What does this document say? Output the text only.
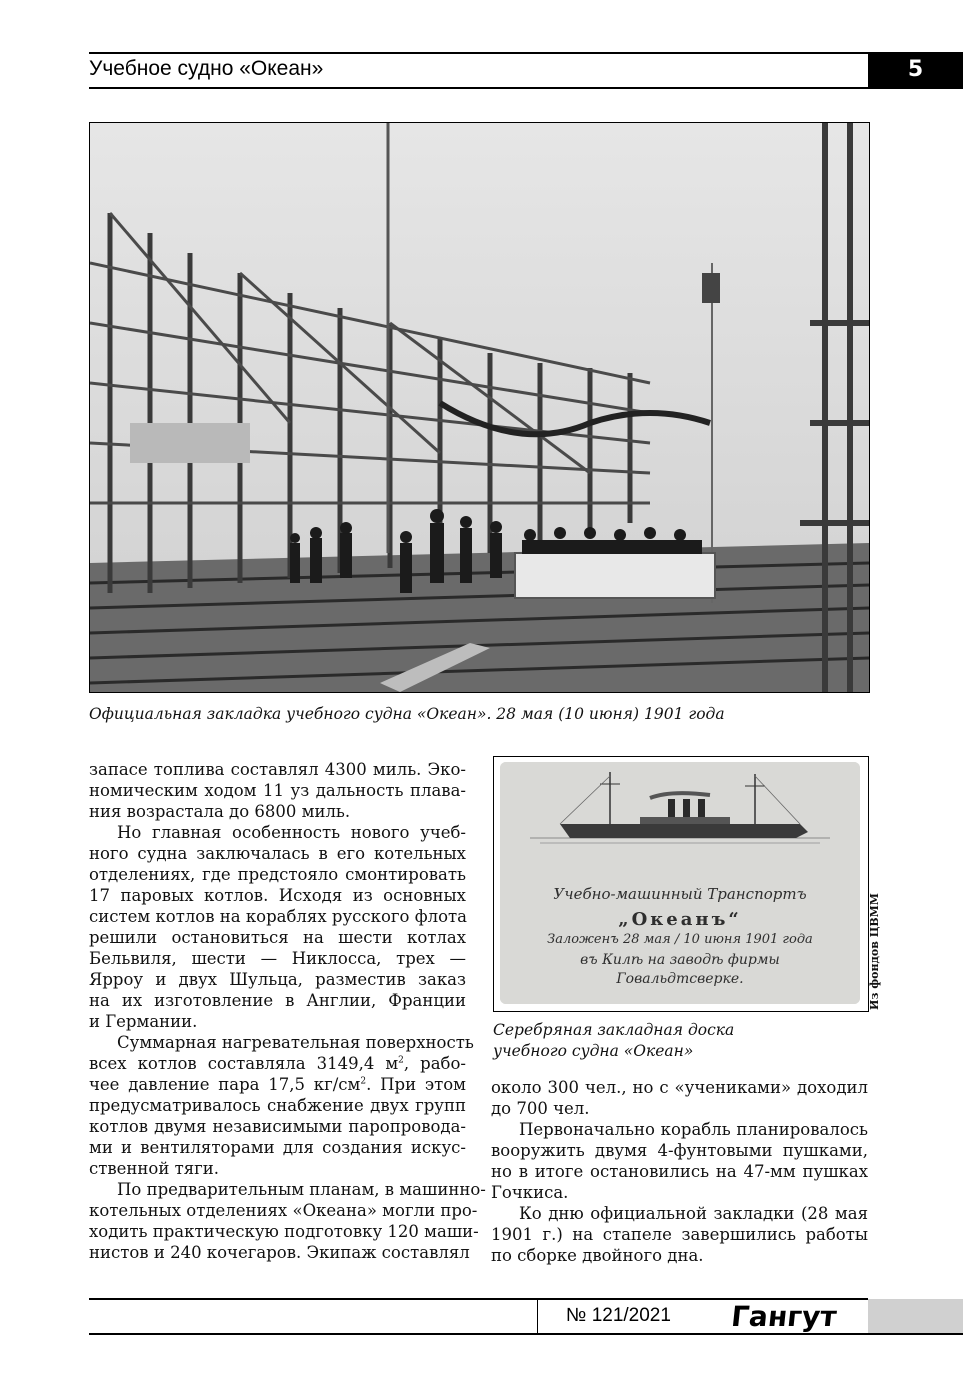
Учебное судно «Океан»	5
Официальная закладка учебного судна «Океан». 28 мая (10 июня) 1901 года
Учебно-машинный Транспортъ
„Океанъ“
Заложенъ 28 мая / 10 июня 1901 года
въ Килѣ на заводѣ фирмы
Говальдтсверке.	Из фондов ЦВММ
Серебряная закладная доска
учебного судна «Океан»

запасе топлива составлял 4300 миль. Эко-
номическим ходом 11 уз дальность плава-
ния возрастала до 6800 миль.

Но главная особенность нового учеб-
ного судна заключалась в его котельных
отделениях, где предстояло смонтировать
17 паровых котлов. Исходя из основных
систем котлов на кораблях русского флота
решили остановиться на шести котлах
Бельвиля, шести — Никлосса, трех —
Ярроу и двух Шульца, разместив заказ
на их изготовление в Англии, Франции
и Германии.

Суммарная нагревательная поверхность
всех котлов составляла 3149,4 $м^2$, рабо-
чее давление пара 17,5 $кг/см^2$. При этом
предусматривалось снабжение двух групп
котлов двумя независимыми паропровода-
ми и вентиляторами для создания искус-
ственной тяги.

По предварительным планам, в машинно-
котельных отделениях «Океана» могли про-
ходить практическую подготовку 120 маши-
нистов и 240 кочегаров. Экипаж составлял

около 300 чел., но с «учениками» доходил
до 700 чел.

Первоначально корабль планировалось
вооружить двумя 4-фунтовыми пушками,
но в итоге остановились на 47-мм пушках
Гочкиса.

Ко дню официальной закладки (28 мая
1901 г.) на стапеле завершились работы
по сборке двойного дна.

№ 121/2021	Гангут
